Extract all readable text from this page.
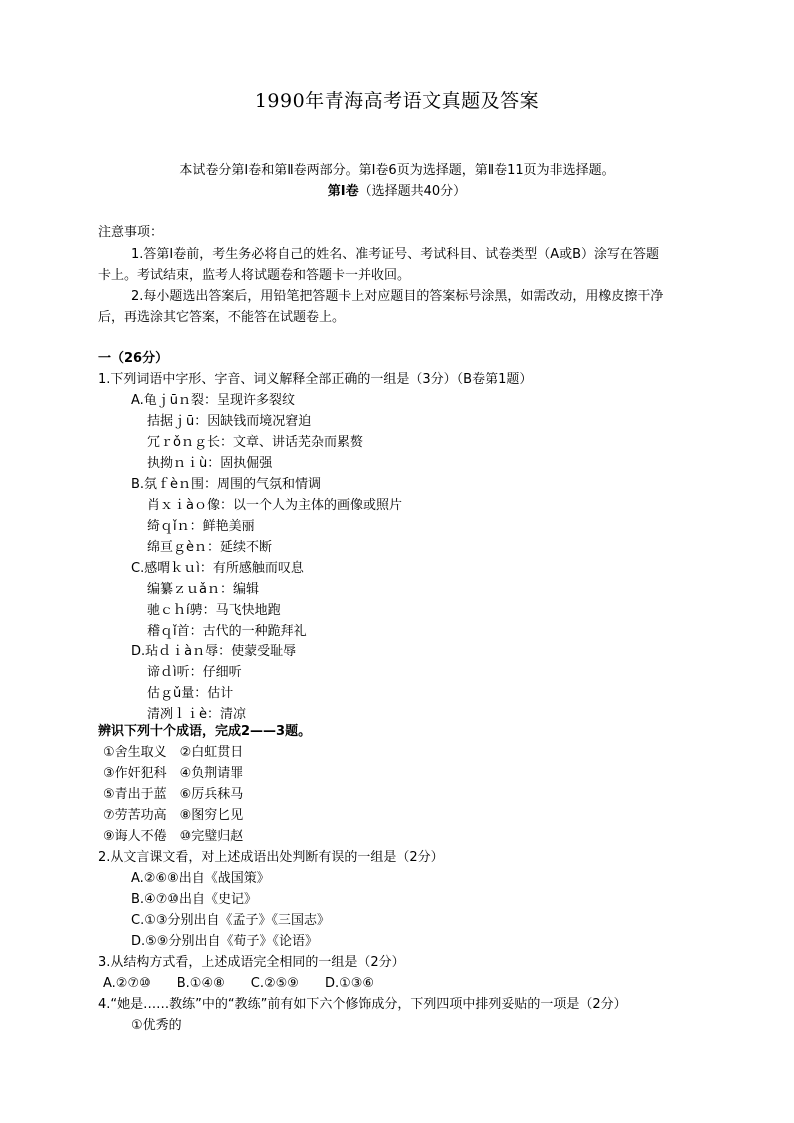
1990年青海高考语文真题及答案
本试卷分第Ⅰ卷和第Ⅱ卷两部分。第Ⅰ卷6页为选择题，第Ⅱ卷11页为非选择题。
第Ⅰ卷（选择题共40分）
注意事项：
1.答第Ⅰ卷前，考生务必将自己的姓名、准考证号、考试科目、试卷类型（A或B）涂写在答题
卡上。考试结束，监考人将试题卷和答题卡一并收回。
2.每小题选出答案后，用铅笔把答题卡上对应题目的答案标号涂黑，如需改动，用橡皮擦干净
后，再选涂其它答案，不能答在试题卷上。
一（26分）
1.下列词语中字形、字音、词义解释全部正确的一组是（3分）（B卷第1题）
A.龟ｊūｎ裂：呈现许多裂纹
拮据ｊū：因缺钱而境况窘迫
冗ｒǒｎｇ长：文章、讲话芜杂而累赘
执拗ｎｉù：固执倔强
B.氛ｆèｎ围：周围的气氛和情调
肖ｘｉàｏ像：以一个人为主体的画像或照片
绮ｑǐｎ：鲜艳美丽
绵亘ｇèｎ：延续不断
C.感喟ｋｕì：有所感触而叹息
编纂ｚｕǎｎ：编辑
驰ｃｈí骋：马飞快地跑
稽ｑǐ首：古代的一种跪拜礼
D.玷ｄｉàｎ辱：使蒙受耻辱
谛ｄì听：仔细听
估ｇǔ量：估计
清冽ｌｉè：清凉
辨识下列十个成语，完成2——3题。
①舍生取义　②白虹贯日
③作奸犯科　④负荆请罪
⑤青出于蓝　⑥厉兵秣马
⑦劳苦功高　⑧图穷匕见
⑨诲人不倦　⑩完璧归赵
2.从文言课文看，对上述成语出处判断有误的一组是（2分）
A.②⑥⑧出自《战国策》
B.④⑦⑩出自《史记》
C.①③分别出自《孟子》《三国志》
D.⑤⑨分别出自《荀子》《论语》
3.从结构方式看，上述成语完全相同的一组是（2分）
A.②⑦⑩　　B.①④⑧　　C.②⑤⑨　　D.①③⑥
4.“她是……教练”中的“教练”前有如下六个修饰成分，下列四项中排列妥贴的一项是（2分）
①优秀的
